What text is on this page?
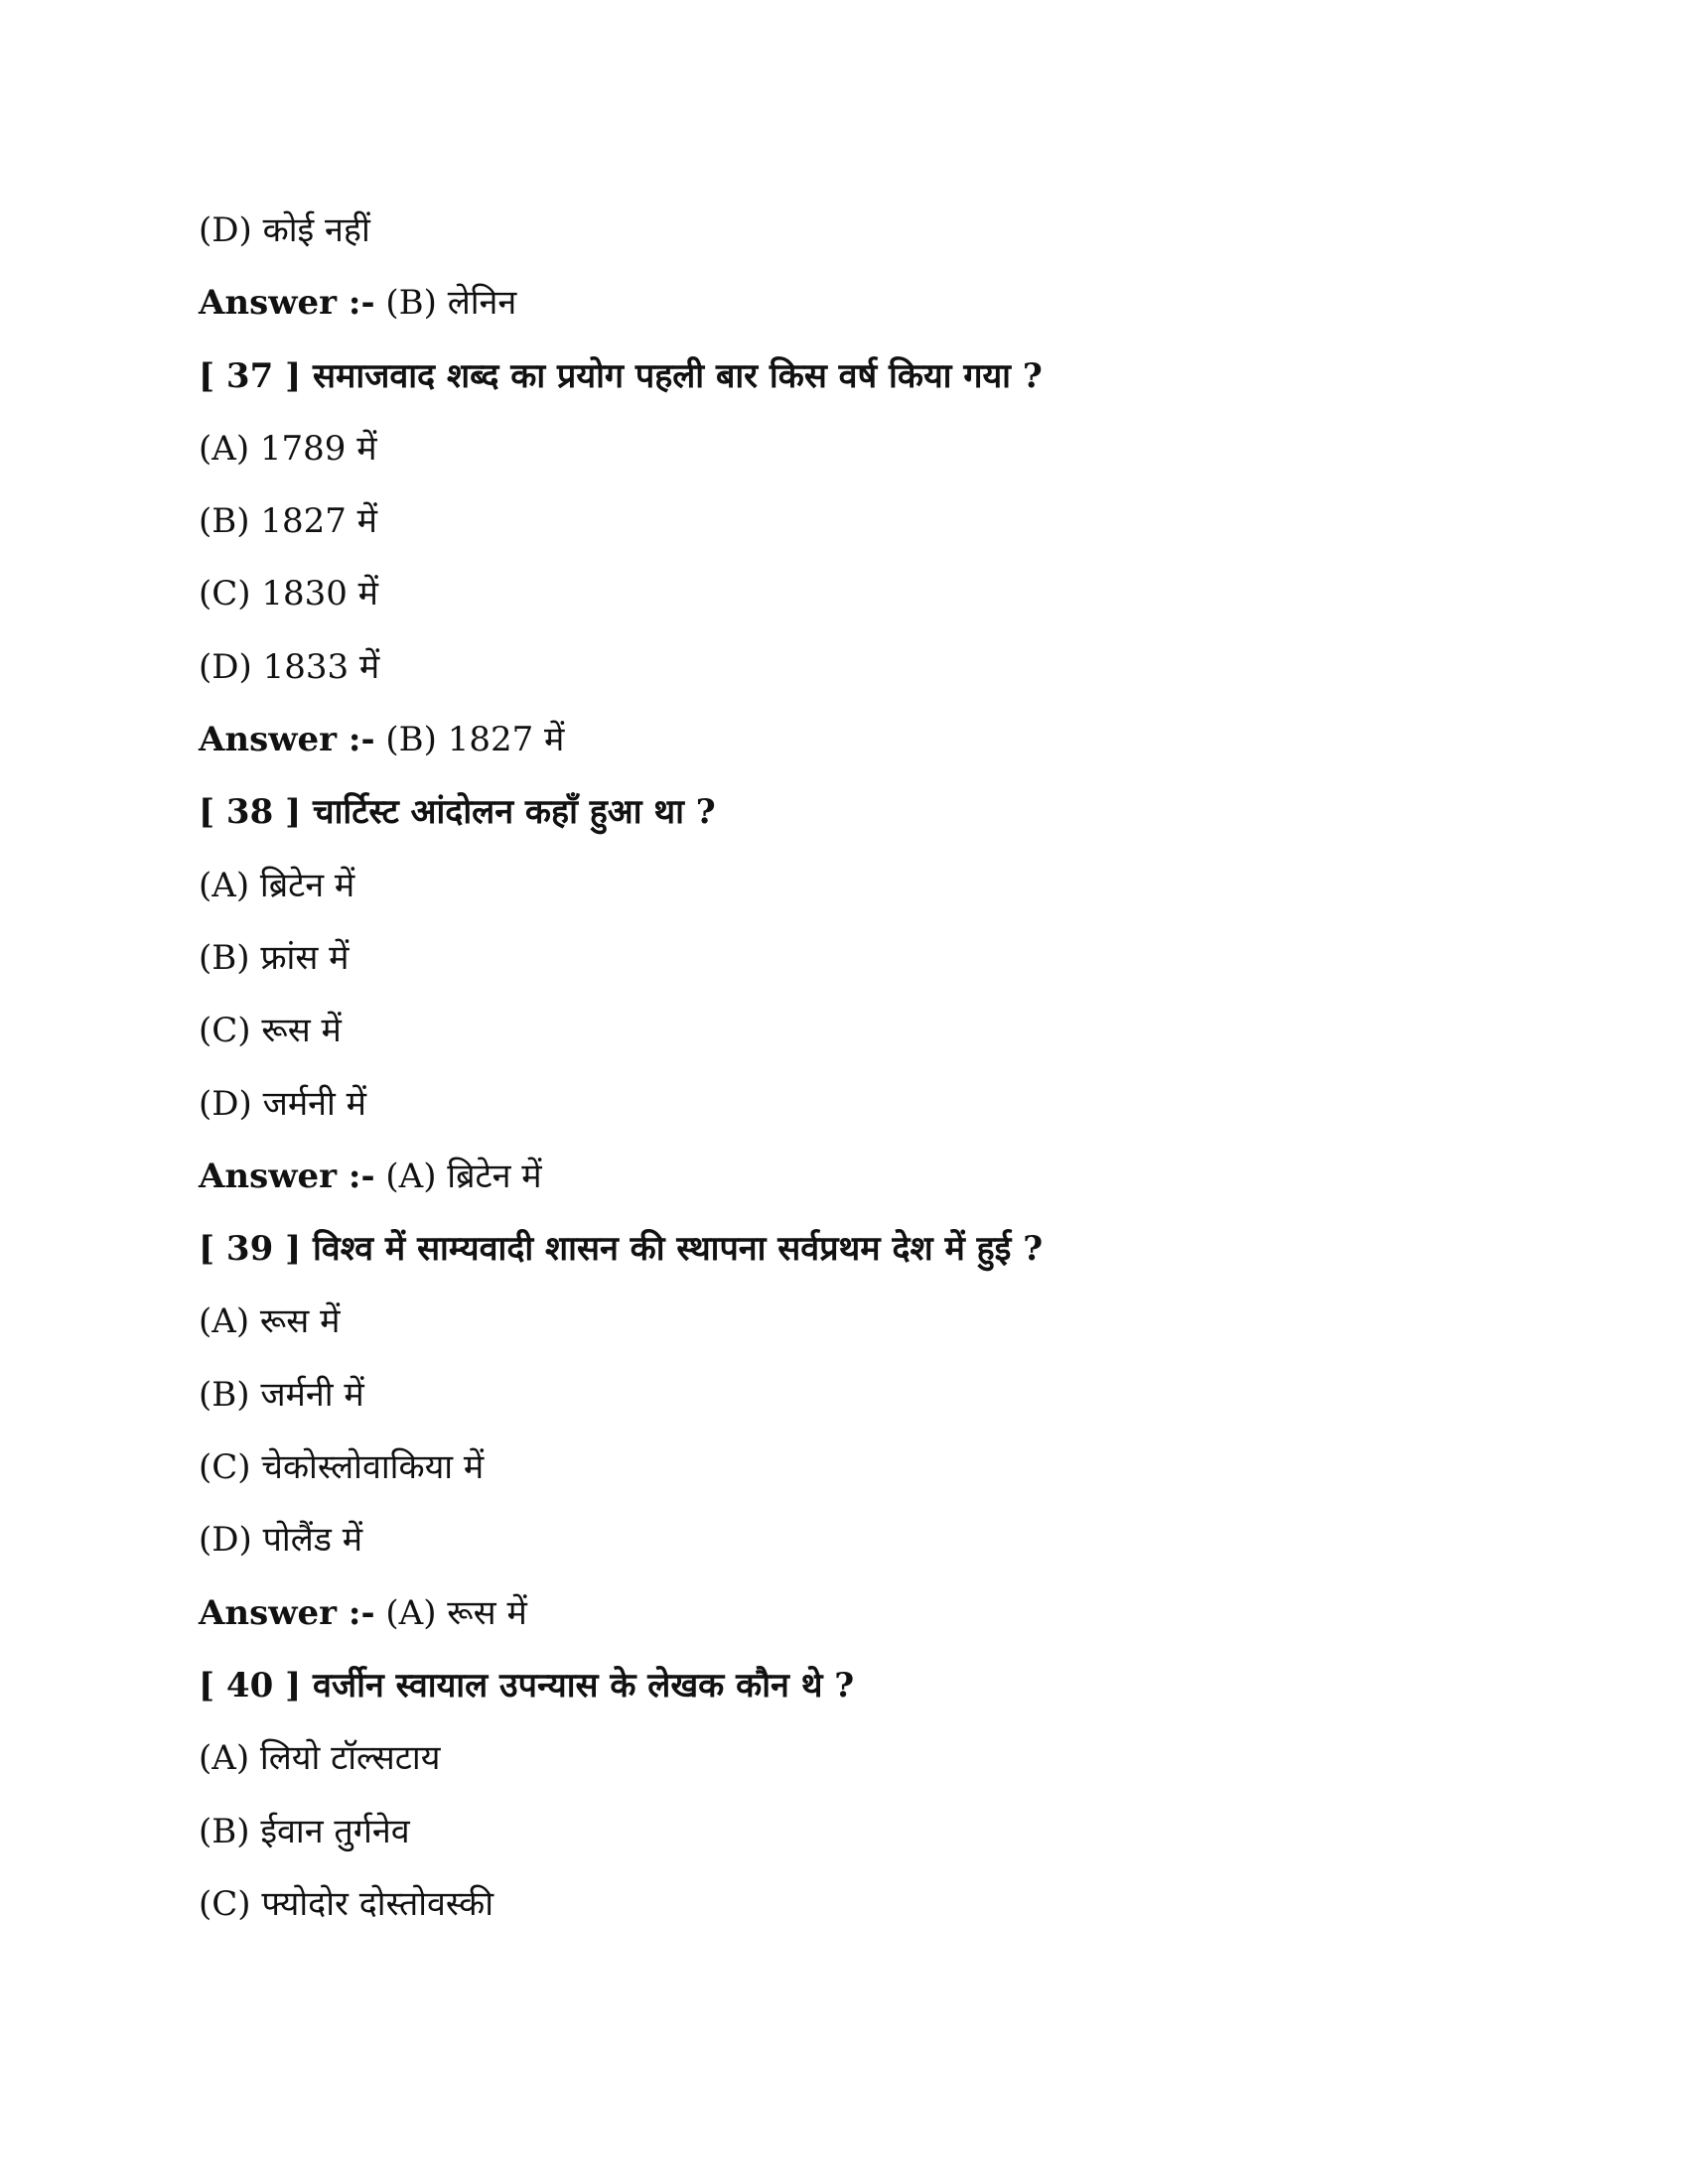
(D) कोई नहीं
Answer :- (B) लेनिन
[ 37 ] समाजवाद शब्द का प्रयोग पहली बार किस वर्ष किया गया ?
(A) 1789 में
(B) 1827 में
(C) 1830 में
(D) 1833 में
Answer :- (B) 1827 में
[ 38 ] चार्टिस्ट आंदोलन कहाँ हुआ था ?
(A) ब्रिटेन में
(B) फ्रांस में
(C) रूस में
(D) जर्मनी में
Answer :- (A) ब्रिटेन में
[ 39 ] विश्व में साम्यवादी शासन की स्थापना सर्वप्रथम देश में हुई ?
(A) रूस में
(B) जर्मनी में
(C) चेकोस्लोवाकिया में
(D) पोलैंड में
Answer :- (A) रूस में
[ 40 ] वर्जीन स्वायाल उपन्यास के लेखक कौन थे ?
(A) लियो टॉल्सटाय
(B) ईवान तुर्गनेव
(C) फ्योदोर दोस्तोवस्की
